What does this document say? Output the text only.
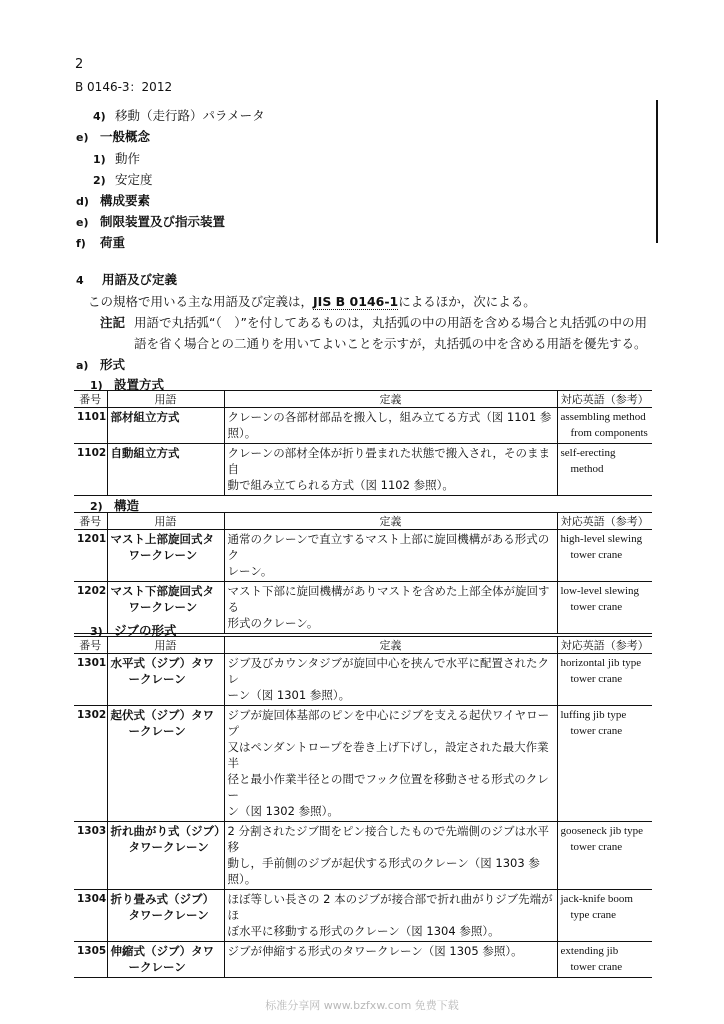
2
B 0146-3：2012
4) 移動（走行路）パラメータ
e) 一般概念
1) 動作
2) 安定度
d) 構成要素
e) 制限装置及び指示装置
f) 荷重
4 用語及び定義
この規格で用いる主な用語及び定義は，JIS B 0146-1によるほか，次による。
注記 用語で丸括弧“（　）”を付してあるものは，丸括弧の中の用語を含める場合と丸括弧の中の用
語を省く場合との二通りを用いてよいことを示すが，丸括弧の中を含める用語を優先する。
a) 形式
1) 設置方式
番号	用語	定義	対応英語（参考）
1101	部材組立方式	クレーンの各部材部品を搬入し，組み立てる方式（図 1101 参照）。	assembling method
from components

1102	自動組立方式	クレーンの部材全体が折り畳まれた状態で搬入され，そのまま自
動で組み立てられる方式（図 1102 参照）。	self-erecting
method
2) 構造
番号	用語	定義	対応英語（参考）
1201	マスト上部旋回式タ
ワークレーン	通常のクレーンで直立するマスト上部に旋回機構がある形式のク
レーン。	high-level slewing
tower crane

1202	マスト下部旋回式タ
ワークレーン	マスト下部に旋回機構がありマストを含めた上部全体が旋回する
形式のクレーン。	low-level slewing
tower crane
3) ジブの形式
番号	用語	定義	対応英語（参考）
1301	水平式（ジブ）タワ
ークレーン	ジブ及びカウンタジブが旋回中心を挟んで水平に配置されたクレ
ーン（図 1301 参照）。	horizontal jib type
tower crane

1302	起伏式（ジブ）タワ
ークレーン	ジブが旋回体基部のピンを中心にジブを支える起伏ワイヤロープ
又はペンダントロープを巻き上げ下げし，設定された最大作業半
径と最小作業半径との間でフック位置を移動させる形式のクレー
ン（図 1302 参照）。	luffing jib type
tower crane

1303	折れ曲がり式（ジブ）
タワークレーン	2 分割されたジブ間をピン接合したもので先端側のジブは水平移
動し，手前側のジブが起伏する形式のクレーン（図 1303 参照）。	gooseneck jib type
tower crane

1304	折り畳み式（ジブ）
タワークレーン	ほぼ等しい長さの 2 本のジブが接合部で折れ曲がりジブ先端がほ
ぼ水平に移動する形式のクレーン（図 1304 参照）。	jack-knife boom
type crane

1305	伸縮式（ジブ）タワ
ークレーン	ジブが伸縮する形式のタワークレーン（図 1305 参照）。	extending jib
tower crane
标准分享网 www.bzfxw.com 免费下载
